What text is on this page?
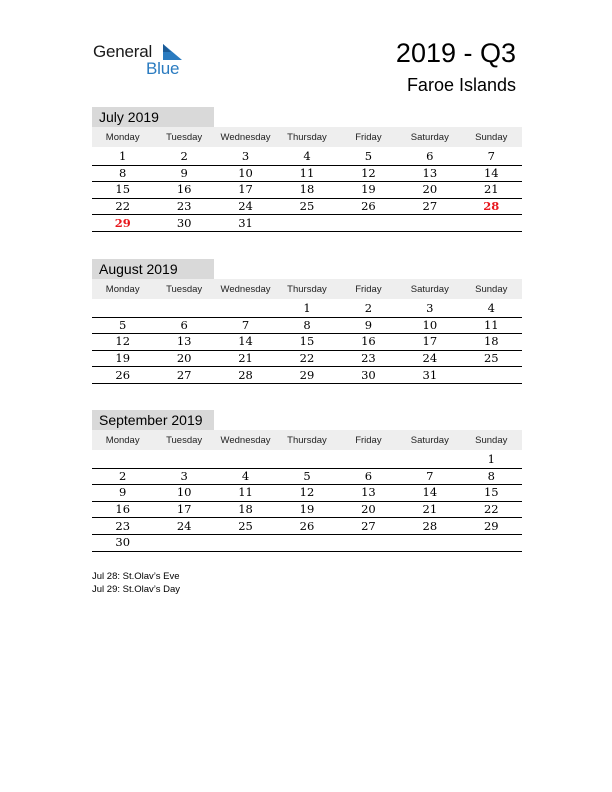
General
Blue
2019 - Q3
Faroe Islands
July 2019
Monday	Tuesday	Wednesday	Thursday	Friday	Saturday	Sunday
1	2	3	4	5	6	7
8	9	10	11	12	13	14
15	16	17	18	19	20	21
22	23	24	25	26	27	28
29	30	31				
August 2019
Monday	Tuesday	Wednesday	Thursday	Friday	Saturday	Sunday
			1	2	3	4
5	6	7	8	9	10	11
12	13	14	15	16	17	18
19	20	21	22	23	24	25
26	27	28	29	30	31	
September 2019
Monday	Tuesday	Wednesday	Thursday	Friday	Saturday	Sunday
						1
2	3	4	5	6	7	8
9	10	11	12	13	14	15
16	17	18	19	20	21	22
23	24	25	26	27	28	29
30						
Jul 28: St.Olav’s Eve
Jul 29: St.Olav’s Day
